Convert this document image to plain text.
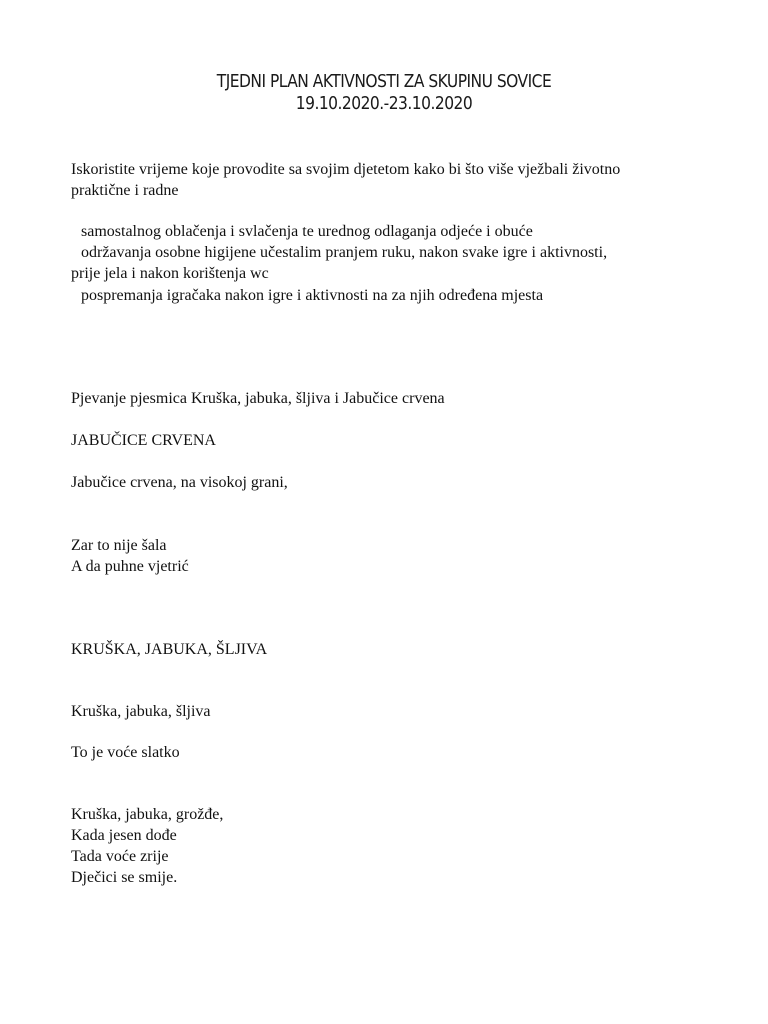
TJEDNI PLAN AKTIVNOSTI ZA SKUPINU SOVICE
19.10.2020.-23.10.2020

Iskoristite vrijeme koje provodite sa svojim djetetom kako bi što više vježbali životno

praktične i radne

samostalnog oblačenja i svlačenja te urednog odlaganja odjeće i obuće

održavanja osobne higijene učestalim pranjem ruku, nakon svake igre i aktivnosti,

prije jela i nakon korištenja wc

pospremanja igračaka nakon igre i aktivnosti na za njih određena mjesta

Pjevanje pjesmica Kruška, jabuka, šljiva i Jabučice crvena

JABUČICE CRVENA

Jabučice crvena, na visokoj grani,

Zar to nije šala

A da puhne vjetrić

KRUŠKA, JABUKA, ŠLJIVA

Kruška, jabuka, šljiva

To je voće slatko

Kruška, jabuka, grožđe,

Kada jesen dođe

Tada voće zrije

Dječici se smije.
